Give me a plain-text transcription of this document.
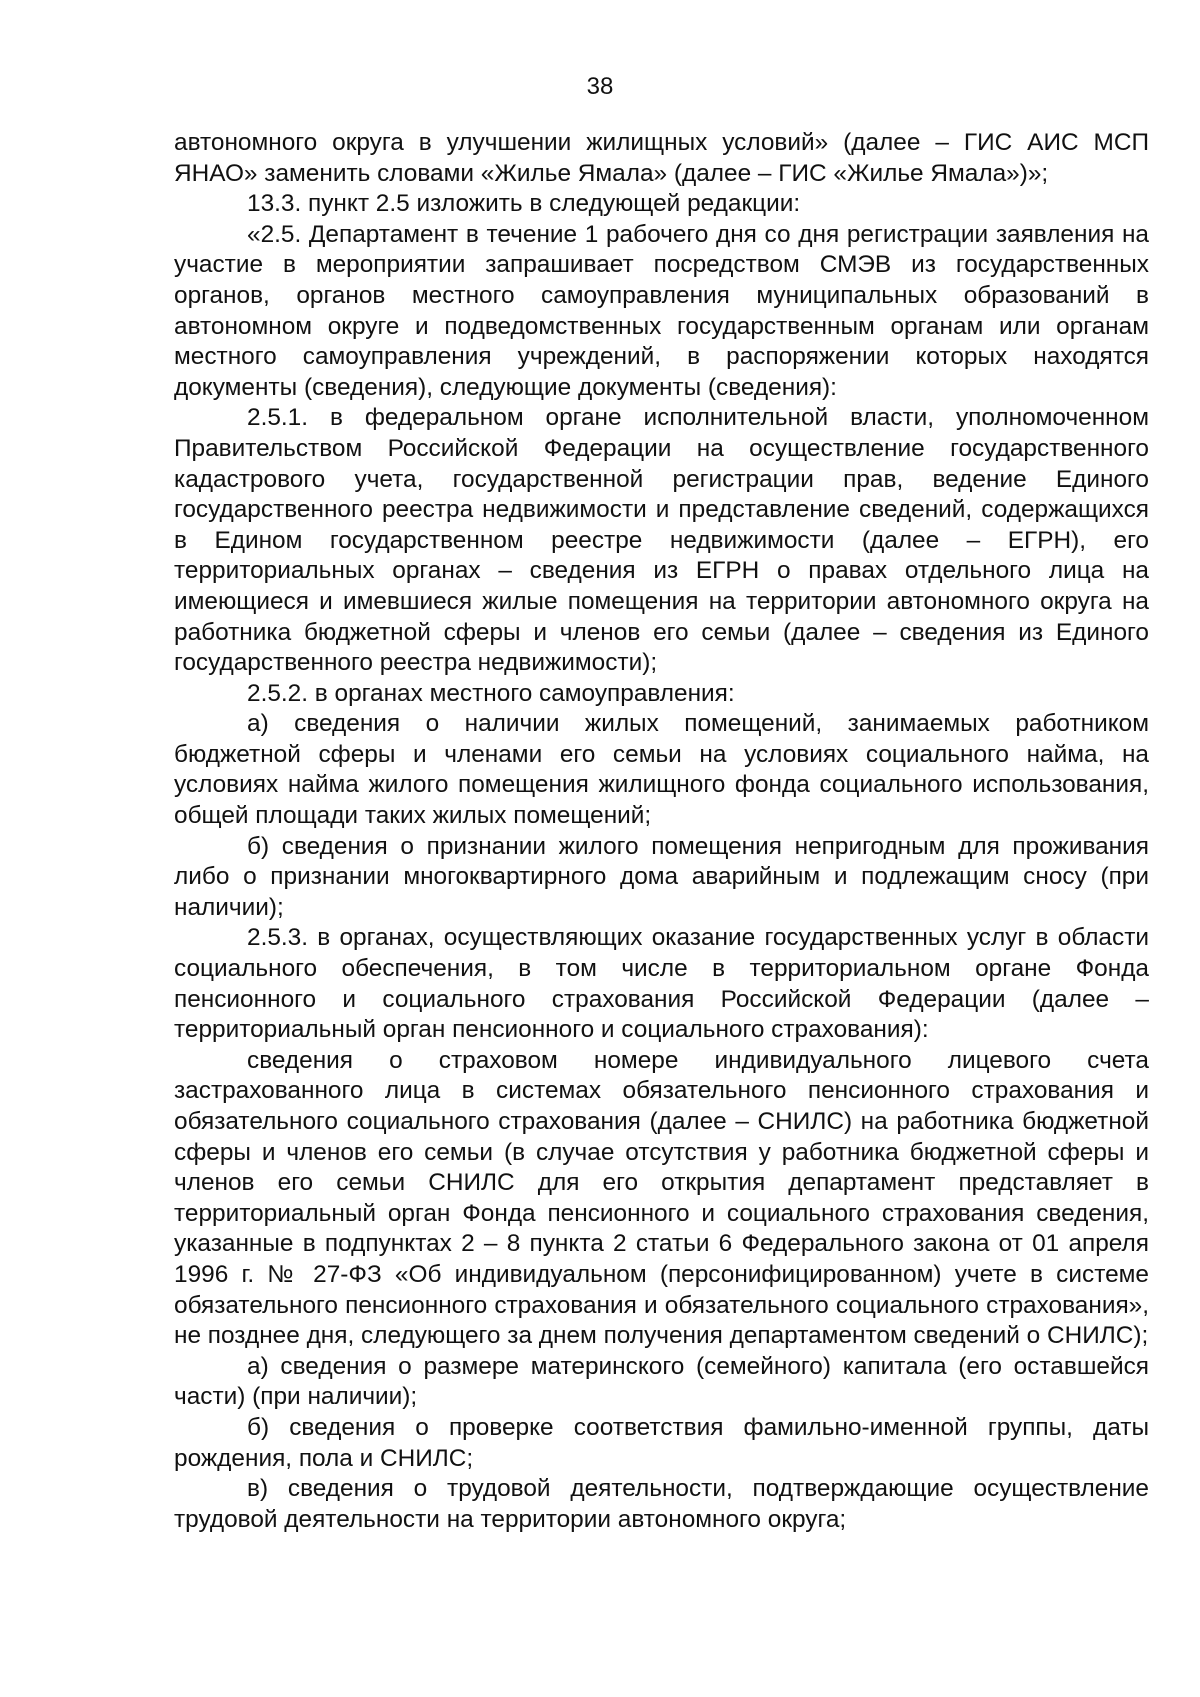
38

автономного округа в улучшении жилищных условий» (далее – ГИС АИС МСП ЯНАО» заменить словами «Жилье Ямала» (далее – ГИС «Жилье Ямала»)»;

13.3. пункт 2.5 изложить в следующей редакции:

«2.5. Департамент в течение 1 рабочего дня со дня регистрации заявления на участие в мероприятии запрашивает посредством СМЭВ из государственных органов, органов местного самоуправления муниципальных образований в автономном округе и подведомственных государственным органам или органам местного самоуправления учреждений, в распоряжении которых находятся документы (сведения), следующие документы (сведения):

2.5.1. в федеральном органе исполнительной власти, уполномоченном Правительством Российской Федерации на осуществление государственного кадастрового учета, государственной регистрации прав, ведение Единого государственного реестра недвижимости и представление сведений, содержащихся в Едином государственном реестре недвижимости (далее – ЕГРН), его территориальных органах – сведения из ЕГРН о правах отдельного лица на имеющиеся и имевшиеся жилые помещения на территории автономного округа на работника бюджетной сферы и членов его семьи (далее – сведения из Единого государственного реестра недвижимости);

2.5.2. в органах местного самоуправления:

а) сведения о наличии жилых помещений, занимаемых работником бюджетной сферы и членами его семьи на условиях социального найма, на условиях найма жилого помещения жилищного фонда социального использования, общей площади таких жилых помещений;

б) сведения о признании жилого помещения непригодным для проживания либо о признании многоквартирного дома аварийным и подлежащим сносу (при наличии);

2.5.3. в органах, осуществляющих оказание государственных услуг в области социального обеспечения, в том числе в территориальном органе Фонда пенсионного и социального страхования Российской Федерации (далее – территориальный орган пенсионного и социального страхования):

сведения о страховом номере индивидуального лицевого счета застрахованного лица в системах обязательного пенсионного страхования и обязательного социального страхования (далее – СНИЛС) на работника бюджетной сферы и членов его семьи (в случае отсутствия у работника бюджетной сферы и членов его семьи СНИЛС для его открытия департамент представляет в территориальный орган Фонда пенсионного и социального страхования сведения, указанные в подпунктах 2 – 8 пункта 2 статьи 6 Федерального закона от 01 апреля 1996 г. № 27-ФЗ «Об индивидуальном (персонифицированном) учете в системе обязательного пенсионного страхования и обязательного социального страхования», не позднее дня, следующего за днем получения департаментом сведений о СНИЛС);

а) сведения о размере материнского (семейного) капитала (его оставшейся части) (при наличии);

б) сведения о проверке соответствия фамильно-именной группы, даты рождения, пола и СНИЛС;

в) сведения о трудовой деятельности, подтверждающие осуществление трудовой деятельности на территории автономного округа;
